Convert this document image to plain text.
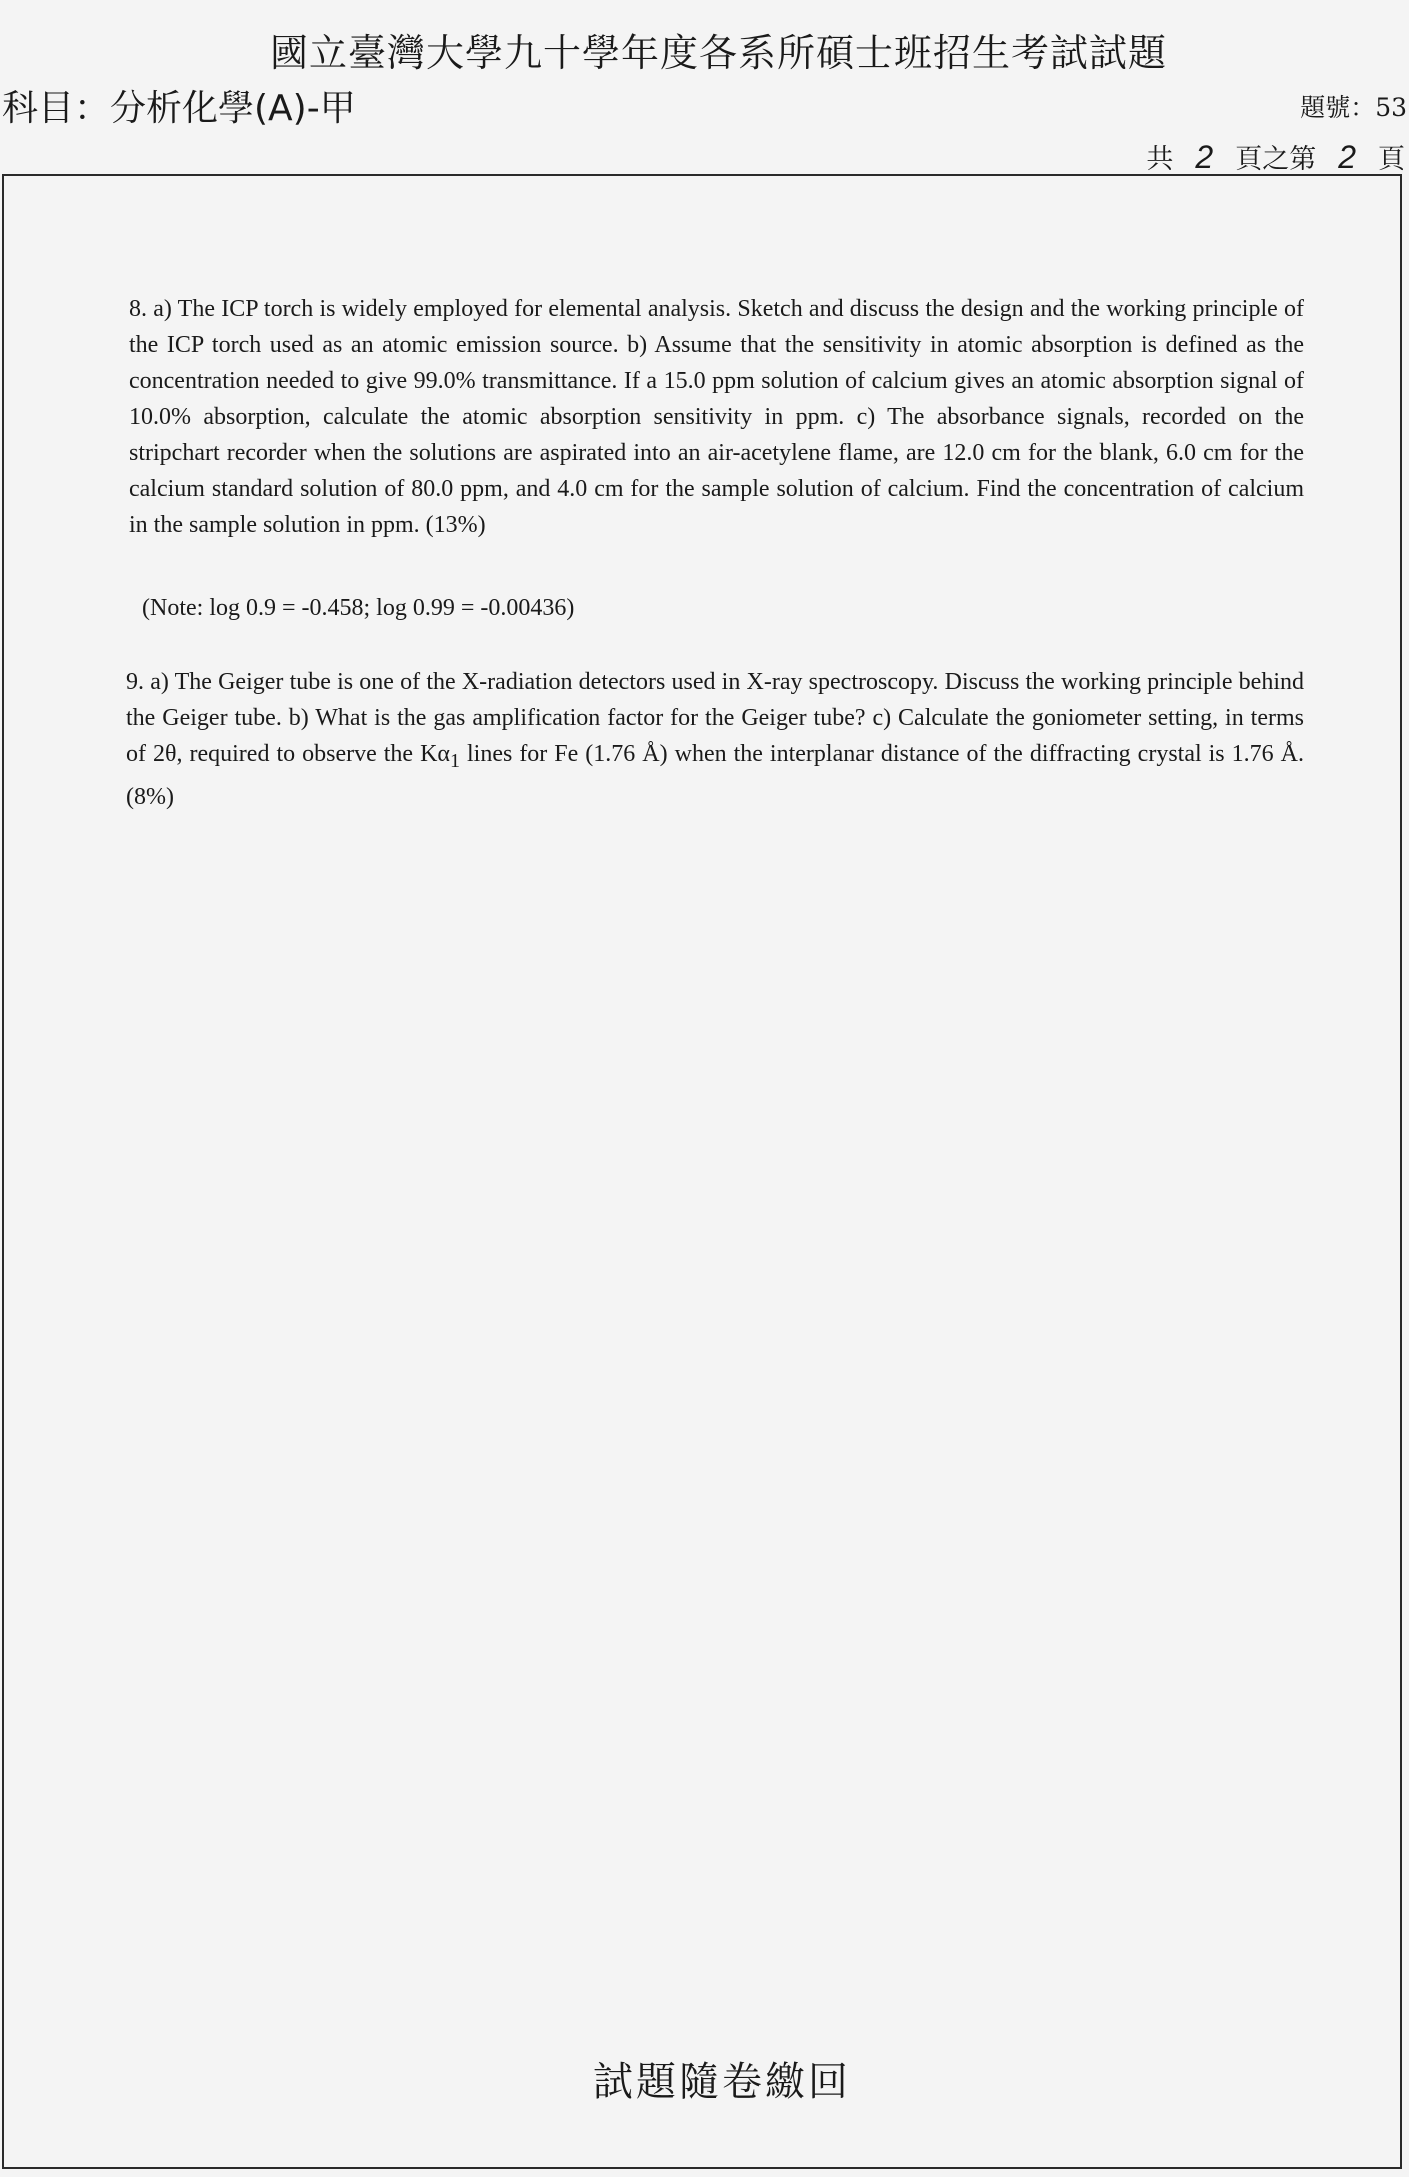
國立臺灣大學九十學年度各系所碩士班招生考試試題
科目：分析化學(A)-甲	題號：53
共 2 頁之第 2 頁
8. a) The ICP torch is widely employed for elemental analysis. Sketch and discuss the design and the working principle of the ICP torch used as an atomic emission source. b) Assume that the sensitivity in atomic absorption is defined as the concentration needed to give 99.0% transmittance. If a 15.0 ppm solution of calcium gives an atomic absorption signal of 10.0% absorption, calculate the atomic absorption sensitivity in ppm. c) The absorbance signals, recorded on the stripchart recorder when the solutions are aspirated into an air-acetylene flame, are 12.0 cm for the blank, 6.0 cm for the calcium standard solution of 80.0 ppm, and 4.0 cm for the sample solution of calcium. Find the concentration of calcium in the sample solution in ppm. (13%)
(Note: log 0.9 = -0.458; log 0.99 = -0.00436)
9. a) The Geiger tube is one of the X-radiation detectors used in X-ray spectroscopy. Discuss the working principle behind the Geiger tube. b) What is the gas amplification factor for the Geiger tube? c) Calculate the goniometer setting, in terms of 2θ, required to observe the $K\alpha_1$ lines for Fe (1.76 Å) when the interplanar distance of the diffracting crystal is 1.76 Å. (8%)
試題隨卷繳回
